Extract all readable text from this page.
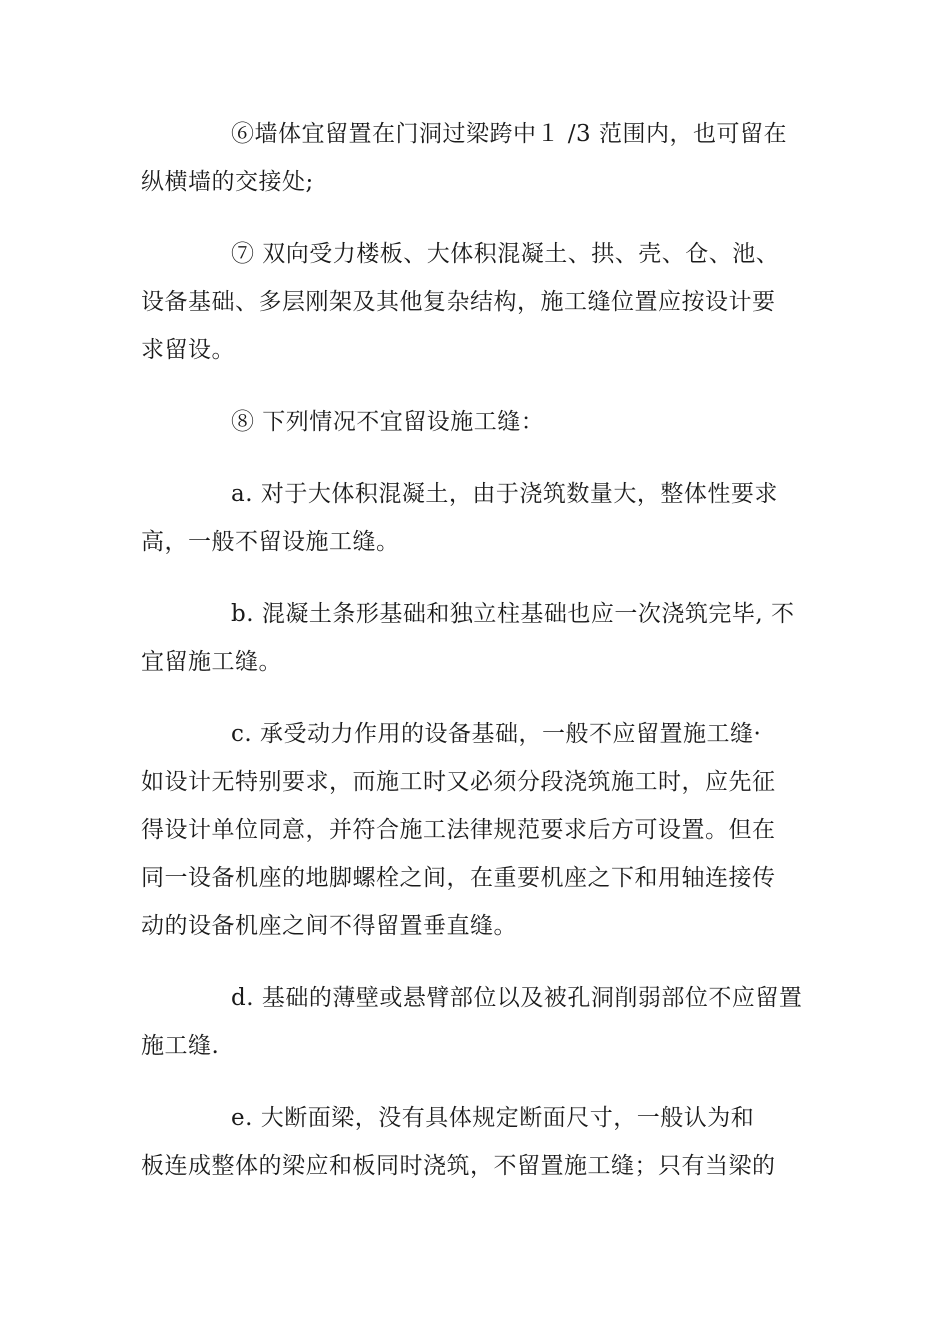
⑥墙体宜留置在门洞过梁跨中１ /3 范围内，也可留在
纵横墙的交接处;

⑦ 双向受力楼板、大体积混凝土、拱、壳、仓、池、
设备基础、多层刚架及其他复杂结构，施工缝位置应按设计要
求留设。

⑧ 下列情况不宜留设施工缝：

a. 对于大体积混凝土，由于浇筑数量大，整体性要求
高，一般不留设施工缝。

b. 混凝土条形基础和独立柱基础也应一次浇筑完毕, 不
宜留施工缝。

c. 承受动力作用的设备基础，一般不应留置施工缝·
如设计无特别要求，而施工时又必须分段浇筑施工时，应先征
得设计单位同意，并符合施工法律规范要求后方可设置。但在
同一设备机座的地脚螺栓之间，在重要机座之下和用轴连接传
动的设备机座之间不得留置垂直缝。

d. 基础的薄壁或悬臂部位以及被孔洞削弱部位不应留置
施工缝.

e. 大断面梁，没有具体规定断面尺寸，一般认为和
板连成整体的梁应和板同时浇筑，不留置施工缝；只有当梁的
